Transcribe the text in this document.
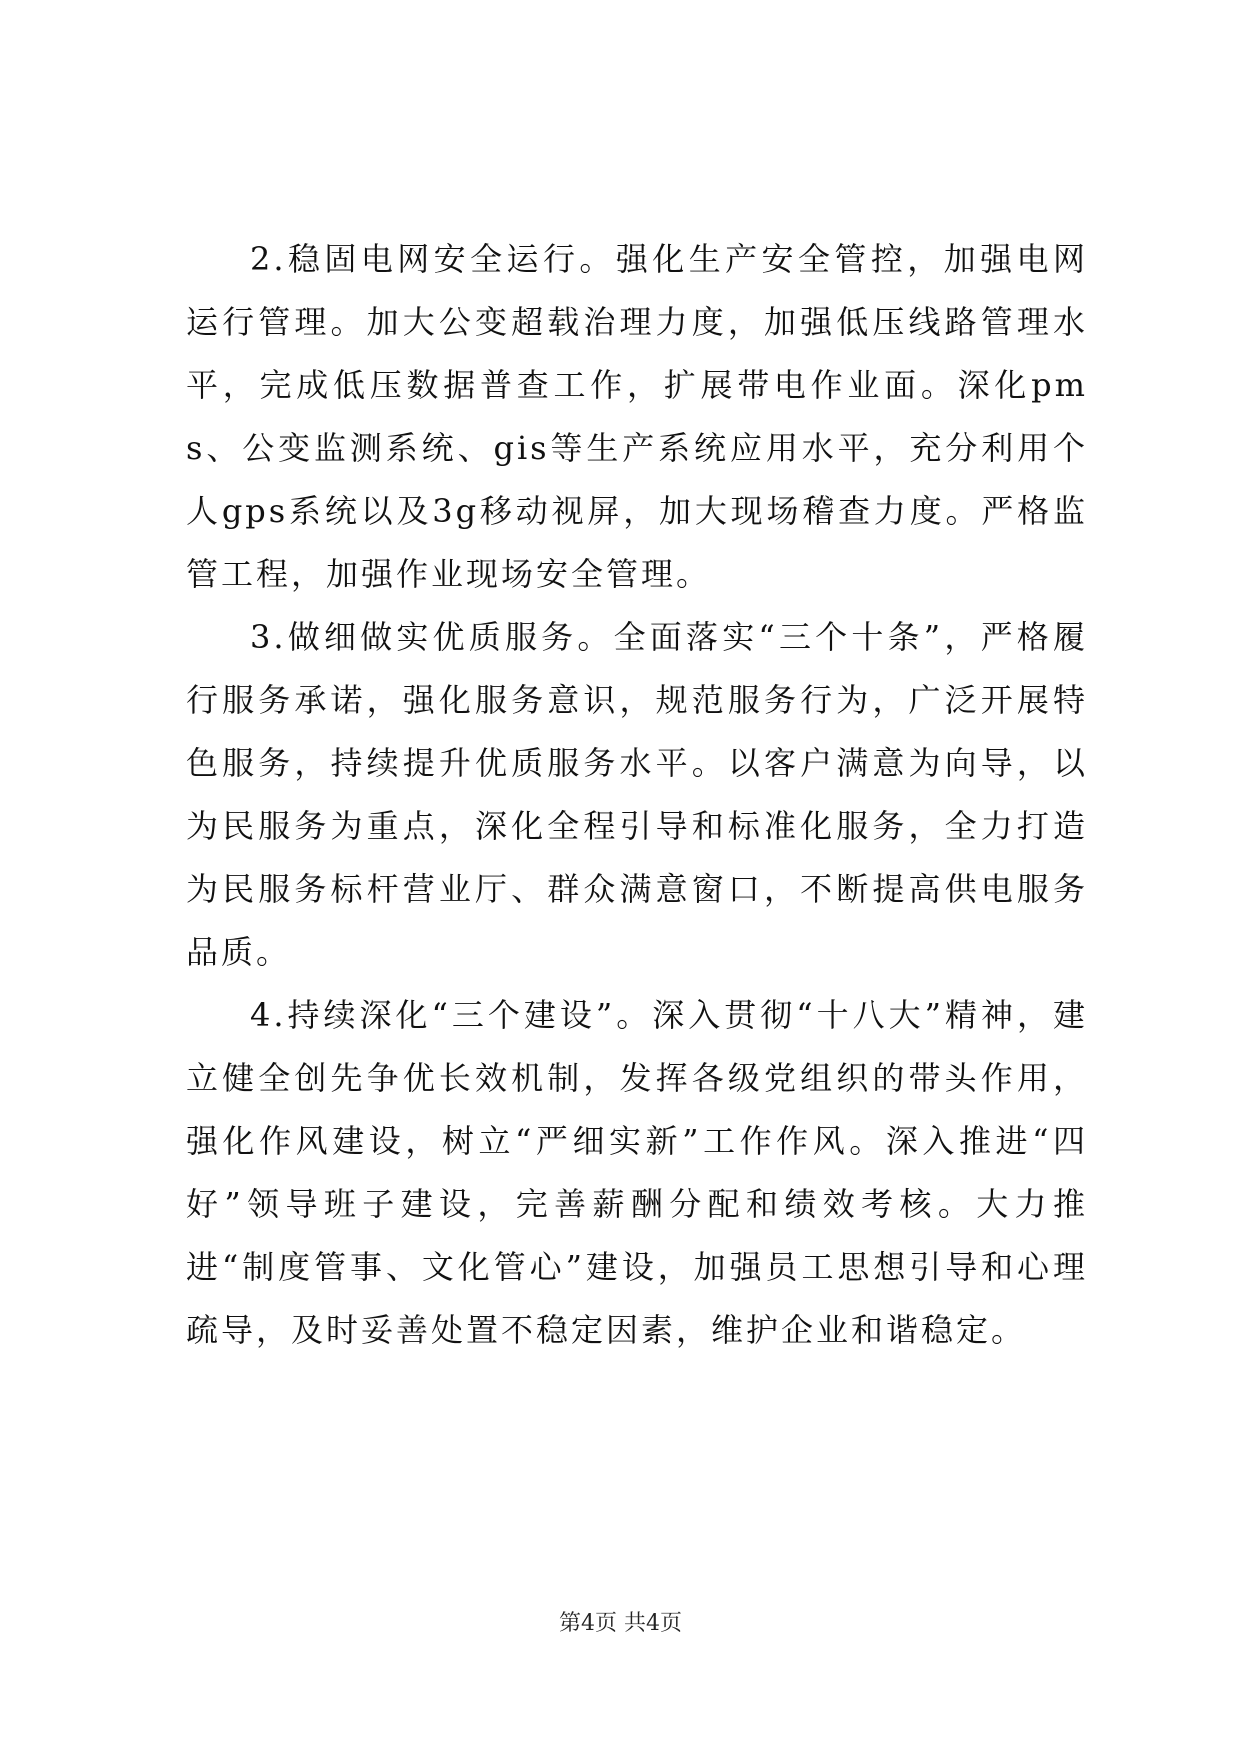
2.稳固电网安全运行。强化生产安全管控，加强电网运行管理。加大公变超载治理力度，加强低压线路管理水平，完成低压数据普查工作，扩展带电作业面。深化pms、公变监测系统、gis等生产系统应用水平，充分利用个人gps系统以及3g移动视屏，加大现场稽查力度。严格监管工程，加强作业现场安全管理。

3.做细做实优质服务。全面落实“三个十条”，严格履行服务承诺，强化服务意识，规范服务行为，广泛开展特色服务，持续提升优质服务水平。以客户满意为向导，以为民服务为重点，深化全程引导和标准化服务，全力打造为民服务标杆营业厅、群众满意窗口，不断提高供电服务品质。

4.持续深化“三个建设”。深入贯彻“十八大”精神，建立健全创先争优长效机制，发挥各级党组织的带头作用，强化作风建设，树立“严细实新”工作作风。深入推进“四好”领导班子建设，完善薪酬分配和绩效考核。大力推进“制度管事、文化管心”建设，加强员工思想引导和心理疏导，及时妥善处置不稳定因素，维护企业和谐稳定。

第4页 共4页
